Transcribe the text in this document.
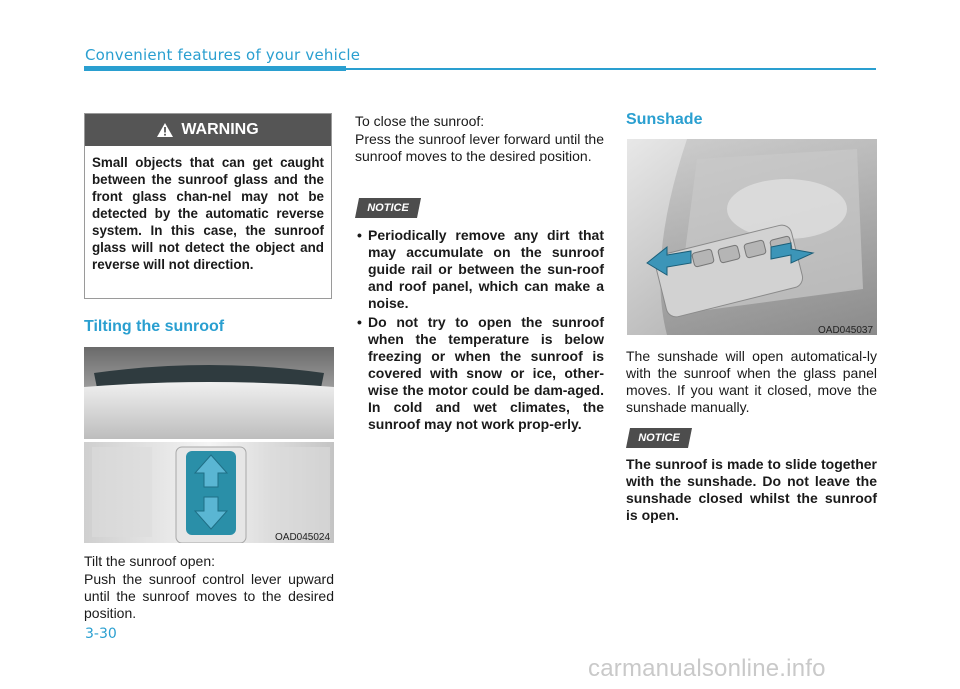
Convenient features of your vehicle
WARNING
Small objects that can get caught between the sunroof glass and the front glass chan-nel may not be detected by the automatic reverse system. In this case, the sunroof glass will not detect the object and reverse will not direction.
Tilting the sunroof
OAD045024
Tilt the sunroof open:
Push the sunroof control lever upward until the sunroof moves to the desired position.
To close the sunroof:
Press the sunroof lever forward until the sunroof moves to the desired position.
NOTICE
• Periodically remove any dirt that may accumulate on the sunroof guide rail or between the sun-roof and roof panel, which can make a noise.
• Do not try to open the sunroof when the temperature is below freezing or when the sunroof is covered with snow or ice, other-wise the motor could be dam-aged. In cold and wet climates, the sunroof may not work prop-erly.
Sunshade
OAD045037
The sunshade will open automatical-ly with the sunroof when the glass panel moves. If you want it closed, move the sunshade manually.
NOTICE
The sunroof is made to slide together with the sunshade. Do not leave the sunshade closed whilst the sunroof is open.
3-30
carmanualsonline.info
